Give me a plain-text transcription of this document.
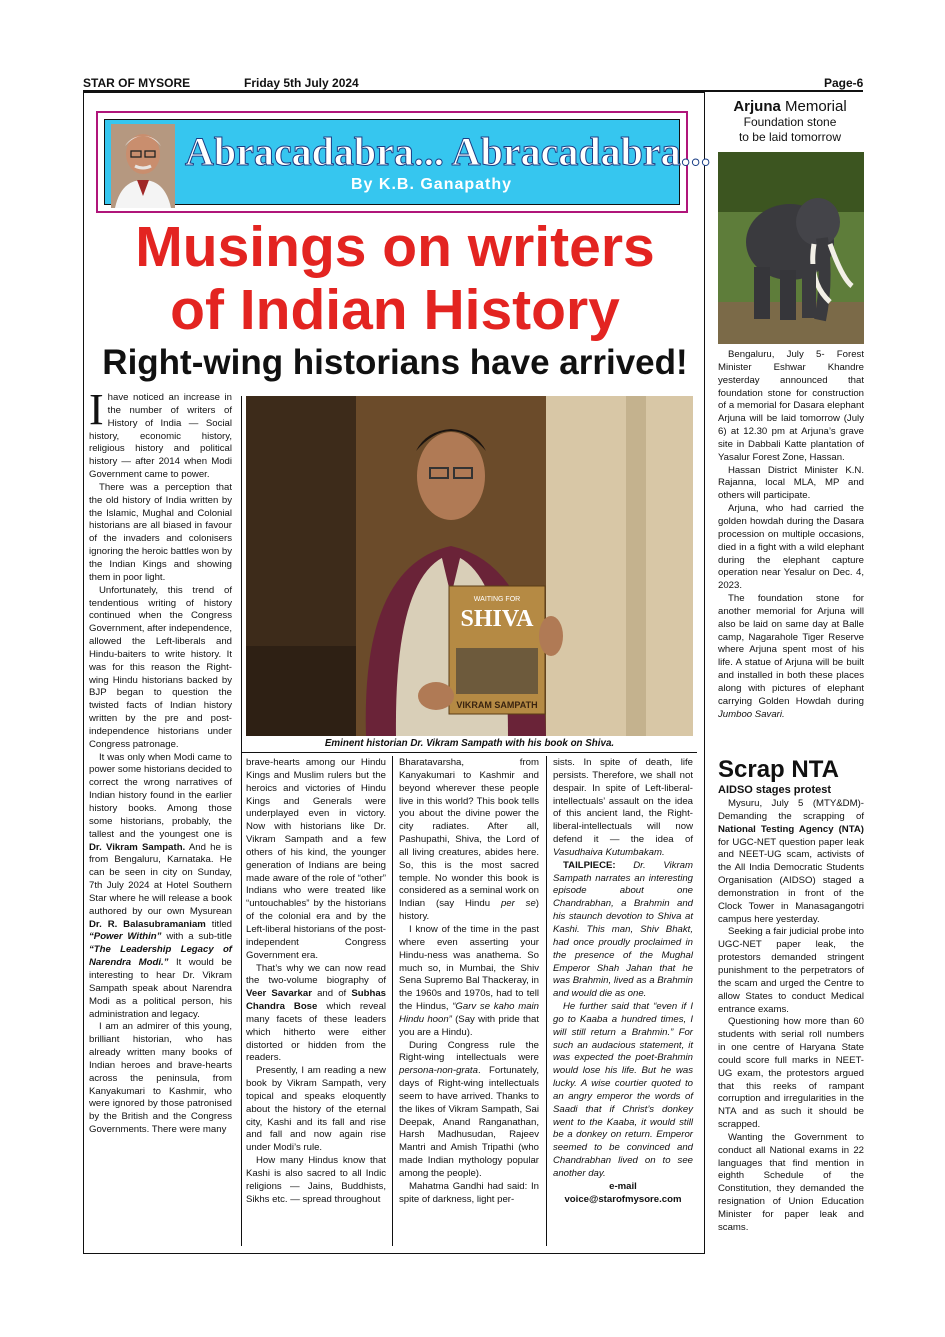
STAR OF MYSORE	Friday 5th July 2024	Page-6
Abracadabra... Abracadabra...
By K.B. Ganapathy
Musings on writers
of Indian History
Right-wing historians have arrived!
WAITING FOR
SHIVA
VIKRAM SAMPATH
Eminent historian Dr. Vikram Sampath with his book on Shiva.

Ihave noticed an increase in the number of writers of History of India — Social history, economic history, religious history and political history — after 2014 when Modi Government came to power.

There was a perception that the old history of India written by the Islamic, Mughal and Colonial historians are all biased in favour of the invaders and colonisers ignoring the heroic battles won by the Indian Kings and showing them in poor light.

Unfortunately, this trend of tendentious writing of history continued when the Congress Government, after independence, allowed the Left-liberals and Hindu-baiters to write history. It was for this reason the Right-wing Hindu historians backed by BJP began to question the twisted facts of Indian history written by the pre and post-independence historians under Congress patronage.

It was only when Modi came to power some historians decided to correct the wrong narratives of Indian history found in the earlier history books. Among those some historians, probably, the tallest and the youngest one is Dr. Vikram Sampath. And he is from Bengaluru, Karnataka. He can be seen in city on Sunday, 7th July 2024 at Hotel Southern Star where he will release a book authored by our own Mysurean Dr. R. Balasubramaniam titled “Power Within” with a sub-title “The Leadership Legacy of Narendra Modi.” It would be interesting to hear Dr. Vikram Sampath speak about Narendra Modi as a political person, his administration and legacy.

I am an admirer of this young, brilliant historian, who has already written many books of Indian heroes and brave-hearts across the peninsula, from Kanyakumari to Kashmir, who were ignored by those patronised by the British and the Congress Governments. There were many

brave-hearts among our Hindu Kings and Muslim rulers but the heroics and victories of Hindu Kings and Generals were underplayed even in victory. Now with historians like Dr. Vikram Sampath and a few others of his kind, the younger generation of Indians are being made aware of the role of “other” Indians who were treated like “untouchables” by the historians of the colonial era and by the Left-liberal historians of the post-independent Congress Government era.

That’s why we can now read the two-volume biography of Veer Savarkar and of Subhas Chandra Bose which reveal many facets of these leaders which hitherto were either distorted or hidden from the readers.

Presently, I am reading a new book by Vikram Sampath, very topical and speaks eloquently about the history of the eternal city, Kashi and its fall and rise and fall and now again rise under Modi’s rule.

How many Hindus know that Kashi is also sacred to all Indic religions — Jains, Buddhists, Sikhs etc. — spread throughout

Bharatavarsha, from Kanyakumari to Kashmir and beyond wherever these people live in this world? This book tells you about the divine power the city radiates. After all, Pashupathi, Shiva, the Lord of all living creatures, abides here. So, this is the most sacred temple. No wonder this book is considered as a seminal work on Indian (say Hindu per se) history.

I know of the time in the past where even asserting your Hindu-ness was anathema. So much so, in Mumbai, the Shiv Sena Supremo Bal Thackeray, in the 1960s and 1970s, had to tell the Hindus, “Garv se kaho main Hindu hoon” (Say with pride that you are a Hindu).

During Congress rule the Right-wing intellectuals were persona-non-grata. Fortunately, days of Right-wing intellectuals seem to have arrived. Thanks to the likes of Vikram Sampath, Sai Deepak, Anand Ranganathan, Harsh Madhusudan, Rajeev Mantri and Amish Tripathi (who made Indian mythology popular among the people).

Mahatma Gandhi had said: In spite of darkness, light per-

sists. In spite of death, life persists. Therefore, we shall not despair. In spite of Left-liberal-intellectuals’ assault on the idea of this ancient land, the Right-liberal-intellectuals will now defend it — the idea of Vasudhaiva Kutumbakam.

TAILPIECE: Dr. Vikram Sampath narrates an interesting episode about one Chandrabhan, a Brahmin and his staunch devotion to Shiva at Kashi. This man, Shiv Bhakt, had once proudly proclaimed in the presence of the Mughal Emperor Shah Jahan that he was Brahmin, lived as a Brahmin and would die as one.

He further said that “even if I go to Kaaba a hundred times, I will still return a Brahmin.” For such an audacious statement, it was expected the poet-Brahmin would lose his life. But he was lucky. A wise courtier quoted to an angry emperor the words of Saadi that if Christ’s donkey went to the Kaaba, it would still be a donkey on return. Emperor seemed to be convinced and Chandrabhan lived on to see another day.

e-mail
voice@starofmysore.com
Arjuna Memorial
Foundation stone
to be laid tomorrow

Bengaluru, July 5- Forest Minister Eshwar Khandre yesterday announced that foundation stone for construction of a memorial for Dasara elephant Arjuna will be laid tomorrow (July 6) at 12.30 pm at Arjuna’s grave site in Dabbali Katte plantation of Yasalur Forest Zone, Hassan.

Hassan District Minister K.N. Rajanna, local MLA, MP and others will participate.

Arjuna, who had carried the golden howdah during the Dasara procession on multiple occasions, died in a fight with a wild elephant during the elephant capture operation near Yesalur on Dec. 4, 2023.

The foundation stone for another memorial for Arjuna will also be laid on same day at Balle camp, Nagarahole Tiger Reserve where Arjuna spent most of his life. A statue of Arjuna will be built and installed in both these places along with pictures of elephant carrying Golden Howdah during Jumboo Savari.

Scrap NTA
AIDSO stages protest

Mysuru, July 5 (MTY&DM)- Demanding the scrapping of National Testing Agency (NTA) for UGC-NET question paper leak and NEET-UG scam, activists of the All India Democratic Students Organisation (AIDSO) staged a demonstration in front of the Clock Tower in Manasagangotri campus here yesterday.

Seeking a fair judicial probe into UGC-NET paper leak, the protestors demanded stringent punishment to the perpetrators of the scam and urged the Centre to allow States to conduct Medical entrance exams.

Questioning how more than 60 students with serial roll numbers in one centre of Haryana State could score full marks in NEET-UG exam, the protestors argued that this reeks of rampant corruption and irregularities in the NTA and as such it should be scrapped.

Wanting the Government to conduct all National exams in 22 languages that find mention in eighth Schedule of the Constitution, they demanded the resignation of Union Education Minister for paper leak and scams.
